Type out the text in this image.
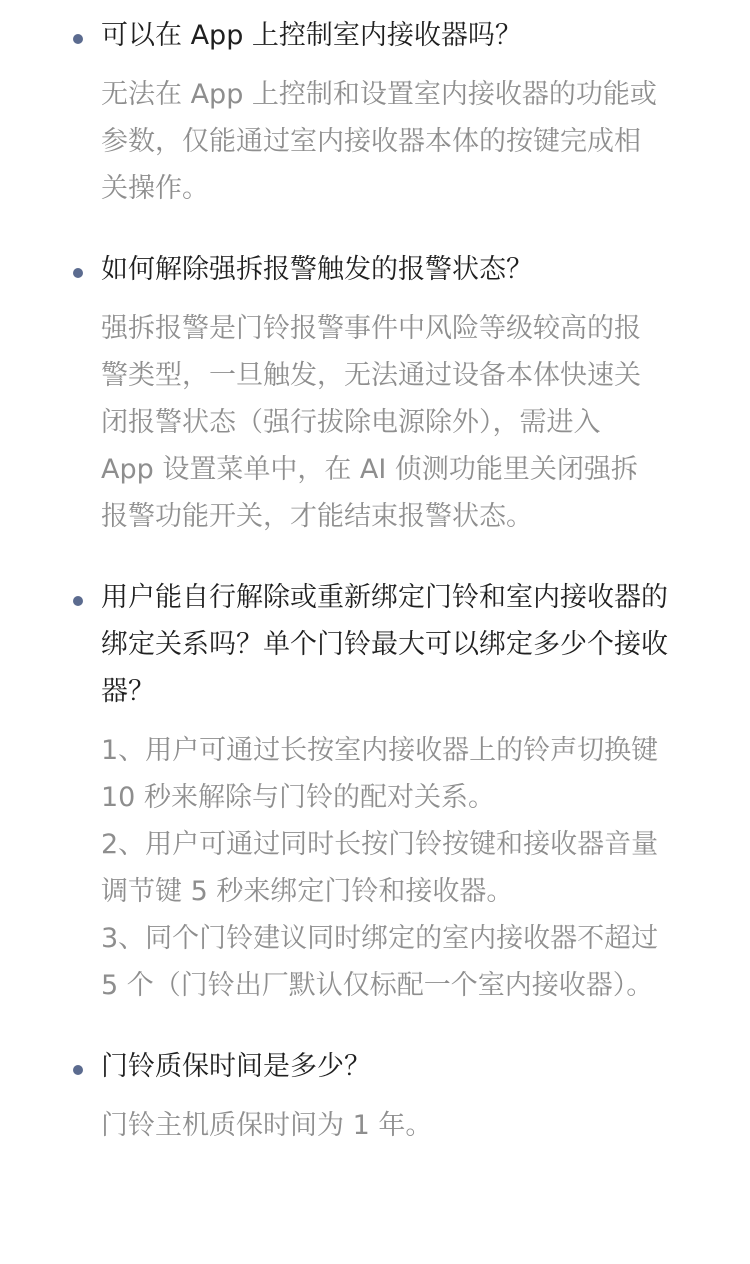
可以在 App 上控制室内接收器吗？

无法在 App 上控制和设置室内接收器的功能或参数，仅能通过室内接收器本体的按键完成相关操作。

如何解除强拆报警触发的报警状态？

强拆报警是门铃报警事件中风险等级较高的报警类型，一旦触发，无法通过设备本体快速关闭报警状态（强行拔除电源除外），需进入 App 设置菜单中，在 AI 侦测功能里关闭强拆报警功能开关，才能结束报警状态。

用户能自行解除或重新绑定门铃和室内接收器的绑定关系吗？单个门铃最大可以绑定多少个接收器？

1、用户可通过长按室内接收器上的铃声切换键 10 秒来解除与门铃的配对关系。

2、用户可通过同时长按门铃按键和接收器音量调节键 5 秒来绑定门铃和接收器。

3、同个门铃建议同时绑定的室内接收器不超过 5 个（门铃出厂默认仅标配一个室内接收器）。

门铃质保时间是多少？

门铃主机质保时间为 1 年。
